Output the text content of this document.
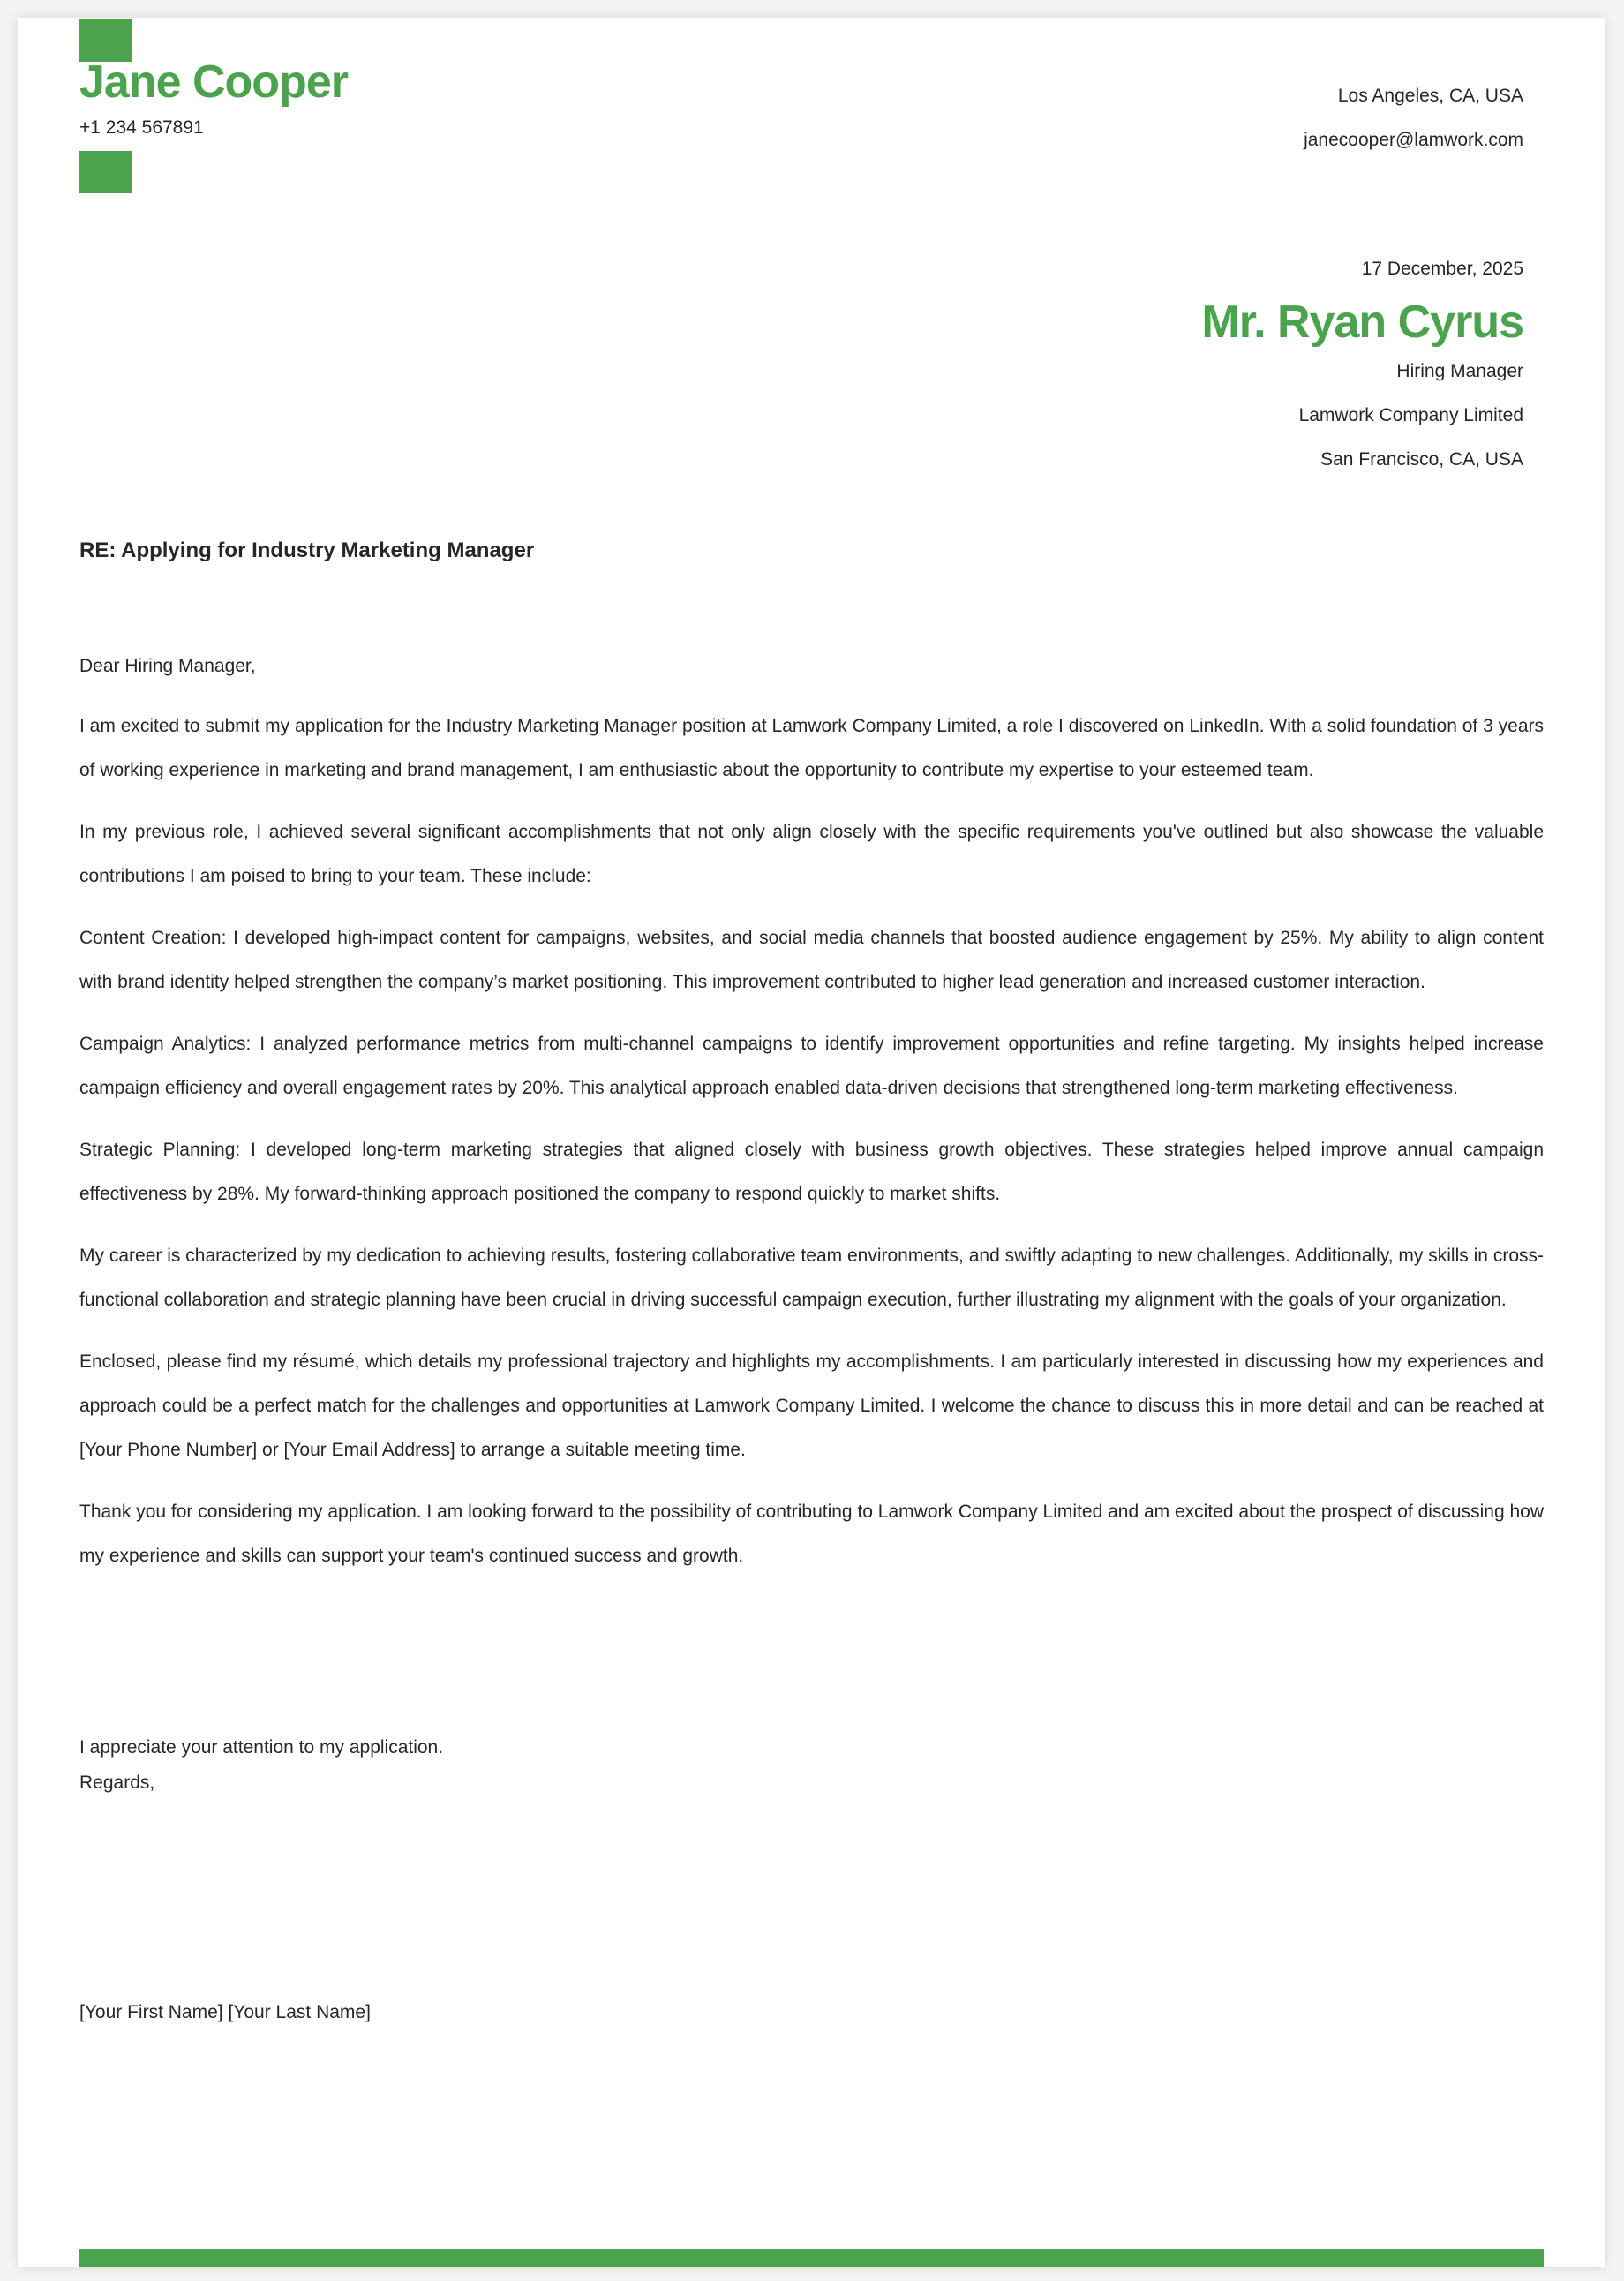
Jane Cooper
+1 234 567891
Los Angeles, CA, USA
janecooper@lamwork.com
17 December, 2025
Mr. Ryan Cyrus
Hiring Manager
Lamwork Company Limited
San Francisco, CA, USA
RE: Applying for Industry Marketing Manager

Dear Hiring Manager,

I am excited to submit my application for the Industry Marketing Manager position at Lamwork Company Limited, a role I discovered on LinkedIn. With a solid foundation of 3 years of working experience in marketing and brand management, I am enthusiastic about the opportunity to contribute my expertise to your esteemed team.

In my previous role, I achieved several significant accomplishments that not only align closely with the specific requirements you've outlined but also showcase the valuable contributions I am poised to bring to your team. These include:

Content Creation: I developed high-impact content for campaigns, websites, and social media channels that boosted audience engagement by 25%. My ability to align content with brand identity helped strengthen the company’s market positioning. This improvement contributed to higher lead generation and increased customer interaction.

Campaign Analytics: I analyzed performance metrics from multi-channel campaigns to identify improvement opportunities and refine targeting. My insights helped increase campaign efficiency and overall engagement rates by 20%. This analytical approach enabled data-driven decisions that strengthened long-term marketing effectiveness.

Strategic Planning: I developed long-term marketing strategies that aligned closely with business growth objectives. These strategies helped improve annual campaign effectiveness by 28%. My forward-thinking approach positioned the company to respond quickly to market shifts.

My career is characterized by my dedication to achieving results, fostering collaborative team environments, and swiftly adapting to new challenges. Additionally, my skills in cross-functional collaboration and strategic planning have been crucial in driving successful campaign execution, further illustrating my alignment with the goals of your organization.

Enclosed, please find my résumé, which details my professional trajectory and highlights my accomplishments. I am particularly interested in discussing how my experiences and approach could be a perfect match for the challenges and opportunities at Lamwork Company Limited. I welcome the chance to discuss this in more detail and can be reached at [Your Phone Number] or [Your Email Address] to arrange a suitable meeting time.

Thank you for considering my application. I am looking forward to the possibility of contributing to Lamwork Company Limited and am excited about the prospect of discussing how my experience and skills can support your team's continued success and growth.

I appreciate your attention to my application.
Regards,
[Your First Name] [Your Last Name]
